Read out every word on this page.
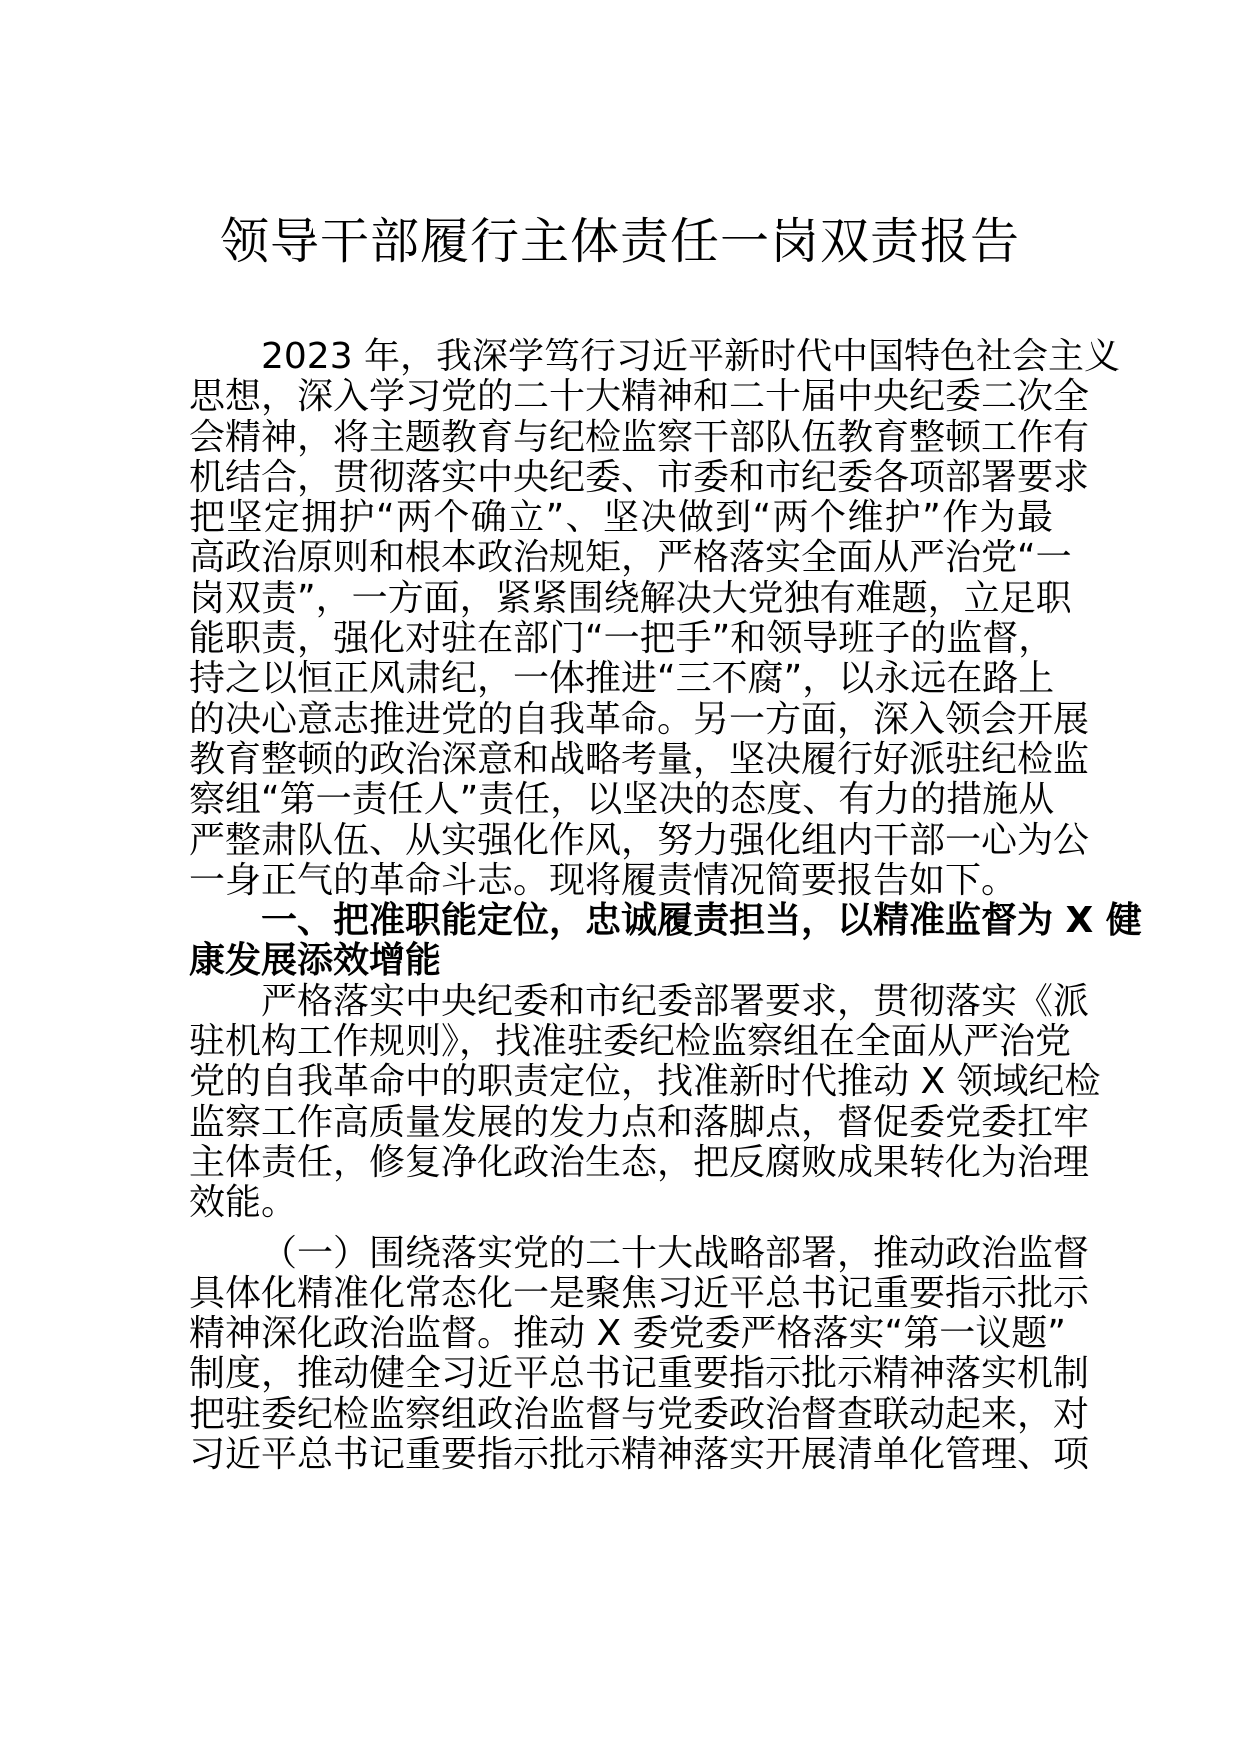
领导干部履行主体责任一岗双责报告
2023 年，我深学笃行习近平新时代中国特色社会主义
思想，深入学习党的二十大精神和二十届中央纪委二次全
会精神，将主题教育与纪检监察干部队伍教育整顿工作有
机结合，贯彻落实中央纪委、市委和市纪委各项部署要求
把坚定拥护“两个确立”、坚决做到“两个维护”作为最
高政治原则和根本政治规矩，严格落实全面从严治党“一
岗双责”，一方面，紧紧围绕解决大党独有难题，立足职
能职责，强化对驻在部门“一把手”和领导班子的监督，
持之以恒正风肃纪，一体推进“三不腐”，以永远在路上
的决心意志推进党的自我革命。另一方面，深入领会开展
教育整顿的政治深意和战略考量，坚决履行好派驻纪检监
察组“第一责任人”责任，以坚决的态度、有力的措施从
严整肃队伍、从实强化作风，努力强化组内干部一心为公
一身正气的革命斗志。现将履责情况简要报告如下。
一、把准职能定位，忠诚履责担当，以精准监督为 X 健
康发展添效增能
严格落实中央纪委和市纪委部署要求，贯彻落实《派
驻机构工作规则》，找准驻委纪检监察组在全面从严治党
党的自我革命中的职责定位，找准新时代推动 X 领域纪检
监察工作高质量发展的发力点和落脚点，督促委党委扛牢
主体责任，修复净化政治生态，把反腐败成果转化为治理
效能。
（一）围绕落实党的二十大战略部署，推动政治监督
具体化精准化常态化一是聚焦习近平总书记重要指示批示
精神深化政治监督。推动 X 委党委严格落实“第一议题”
制度，推动健全习近平总书记重要指示批示精神落实机制
把驻委纪检监察组政治监督与党委政治督查联动起来，对
习近平总书记重要指示批示精神落实开展清单化管理、项
